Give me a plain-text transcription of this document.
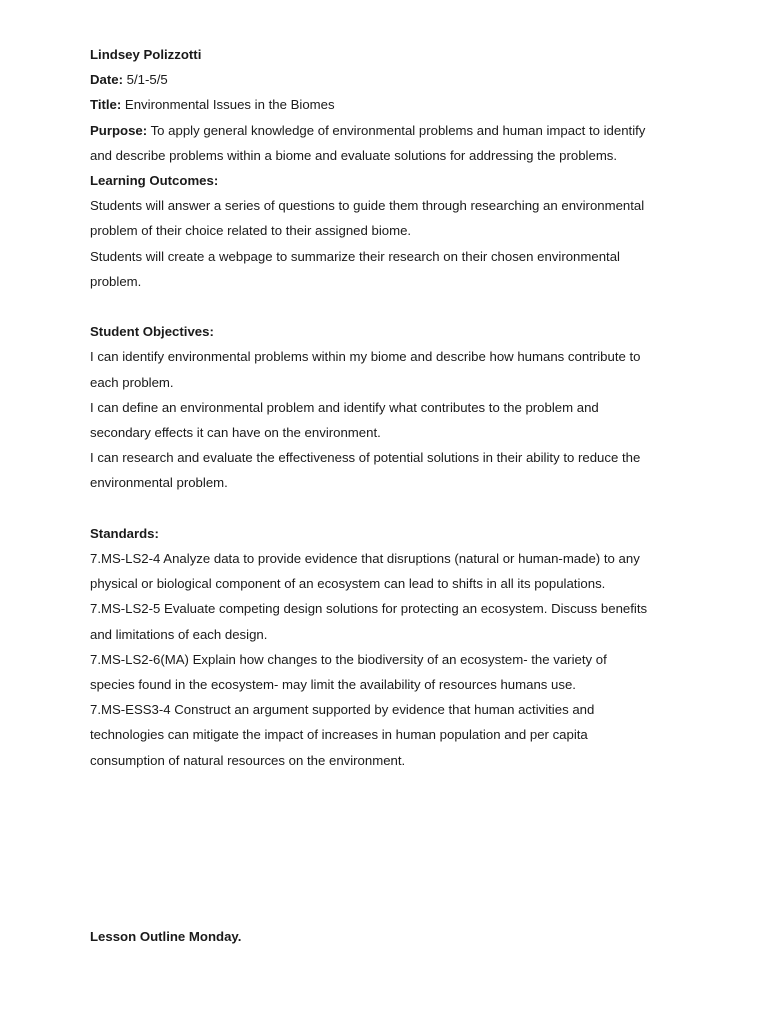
Lindsey Polizzotti
Date: 5/1-5/5
Title: Environmental Issues in the Biomes
Purpose: To apply general knowledge of environmental problems and human impact to identify
and describe problems within a biome and evaluate solutions for addressing the problems.
Learning Outcomes:
Students will answer a series of questions to guide them through researching an environmental
problem of their choice related to their assigned biome.
Students will create a webpage to summarize their research on their chosen environmental
problem.
Student Objectives:
I can identify environmental problems within my biome and describe how humans contribute to
each problem.
I can define an environmental problem and identify what contributes to the problem and
secondary effects it can have on the environment.
I can research and evaluate the effectiveness of potential solutions in their ability to reduce the
environmental problem.
Standards:
7.MS-LS2-4 Analyze data to provide evidence that disruptions (natural or human-made) to any
physical or biological component of an ecosystem can lead to shifts in all its populations.
7.MS-LS2-5 Evaluate competing design solutions for protecting an ecosystem. Discuss benefits
and limitations of each design.
7.MS-LS2-6(MA) Explain how changes to the biodiversity of an ecosystem- the variety of
species found in the ecosystem- may limit the availability of resources humans use.
7.MS-ESS3-4 Construct an argument supported by evidence that human activities and
technologies can mitigate the impact of increases in human population and per capita
consumption of natural resources on the environment.
Lesson Outline Monday.
